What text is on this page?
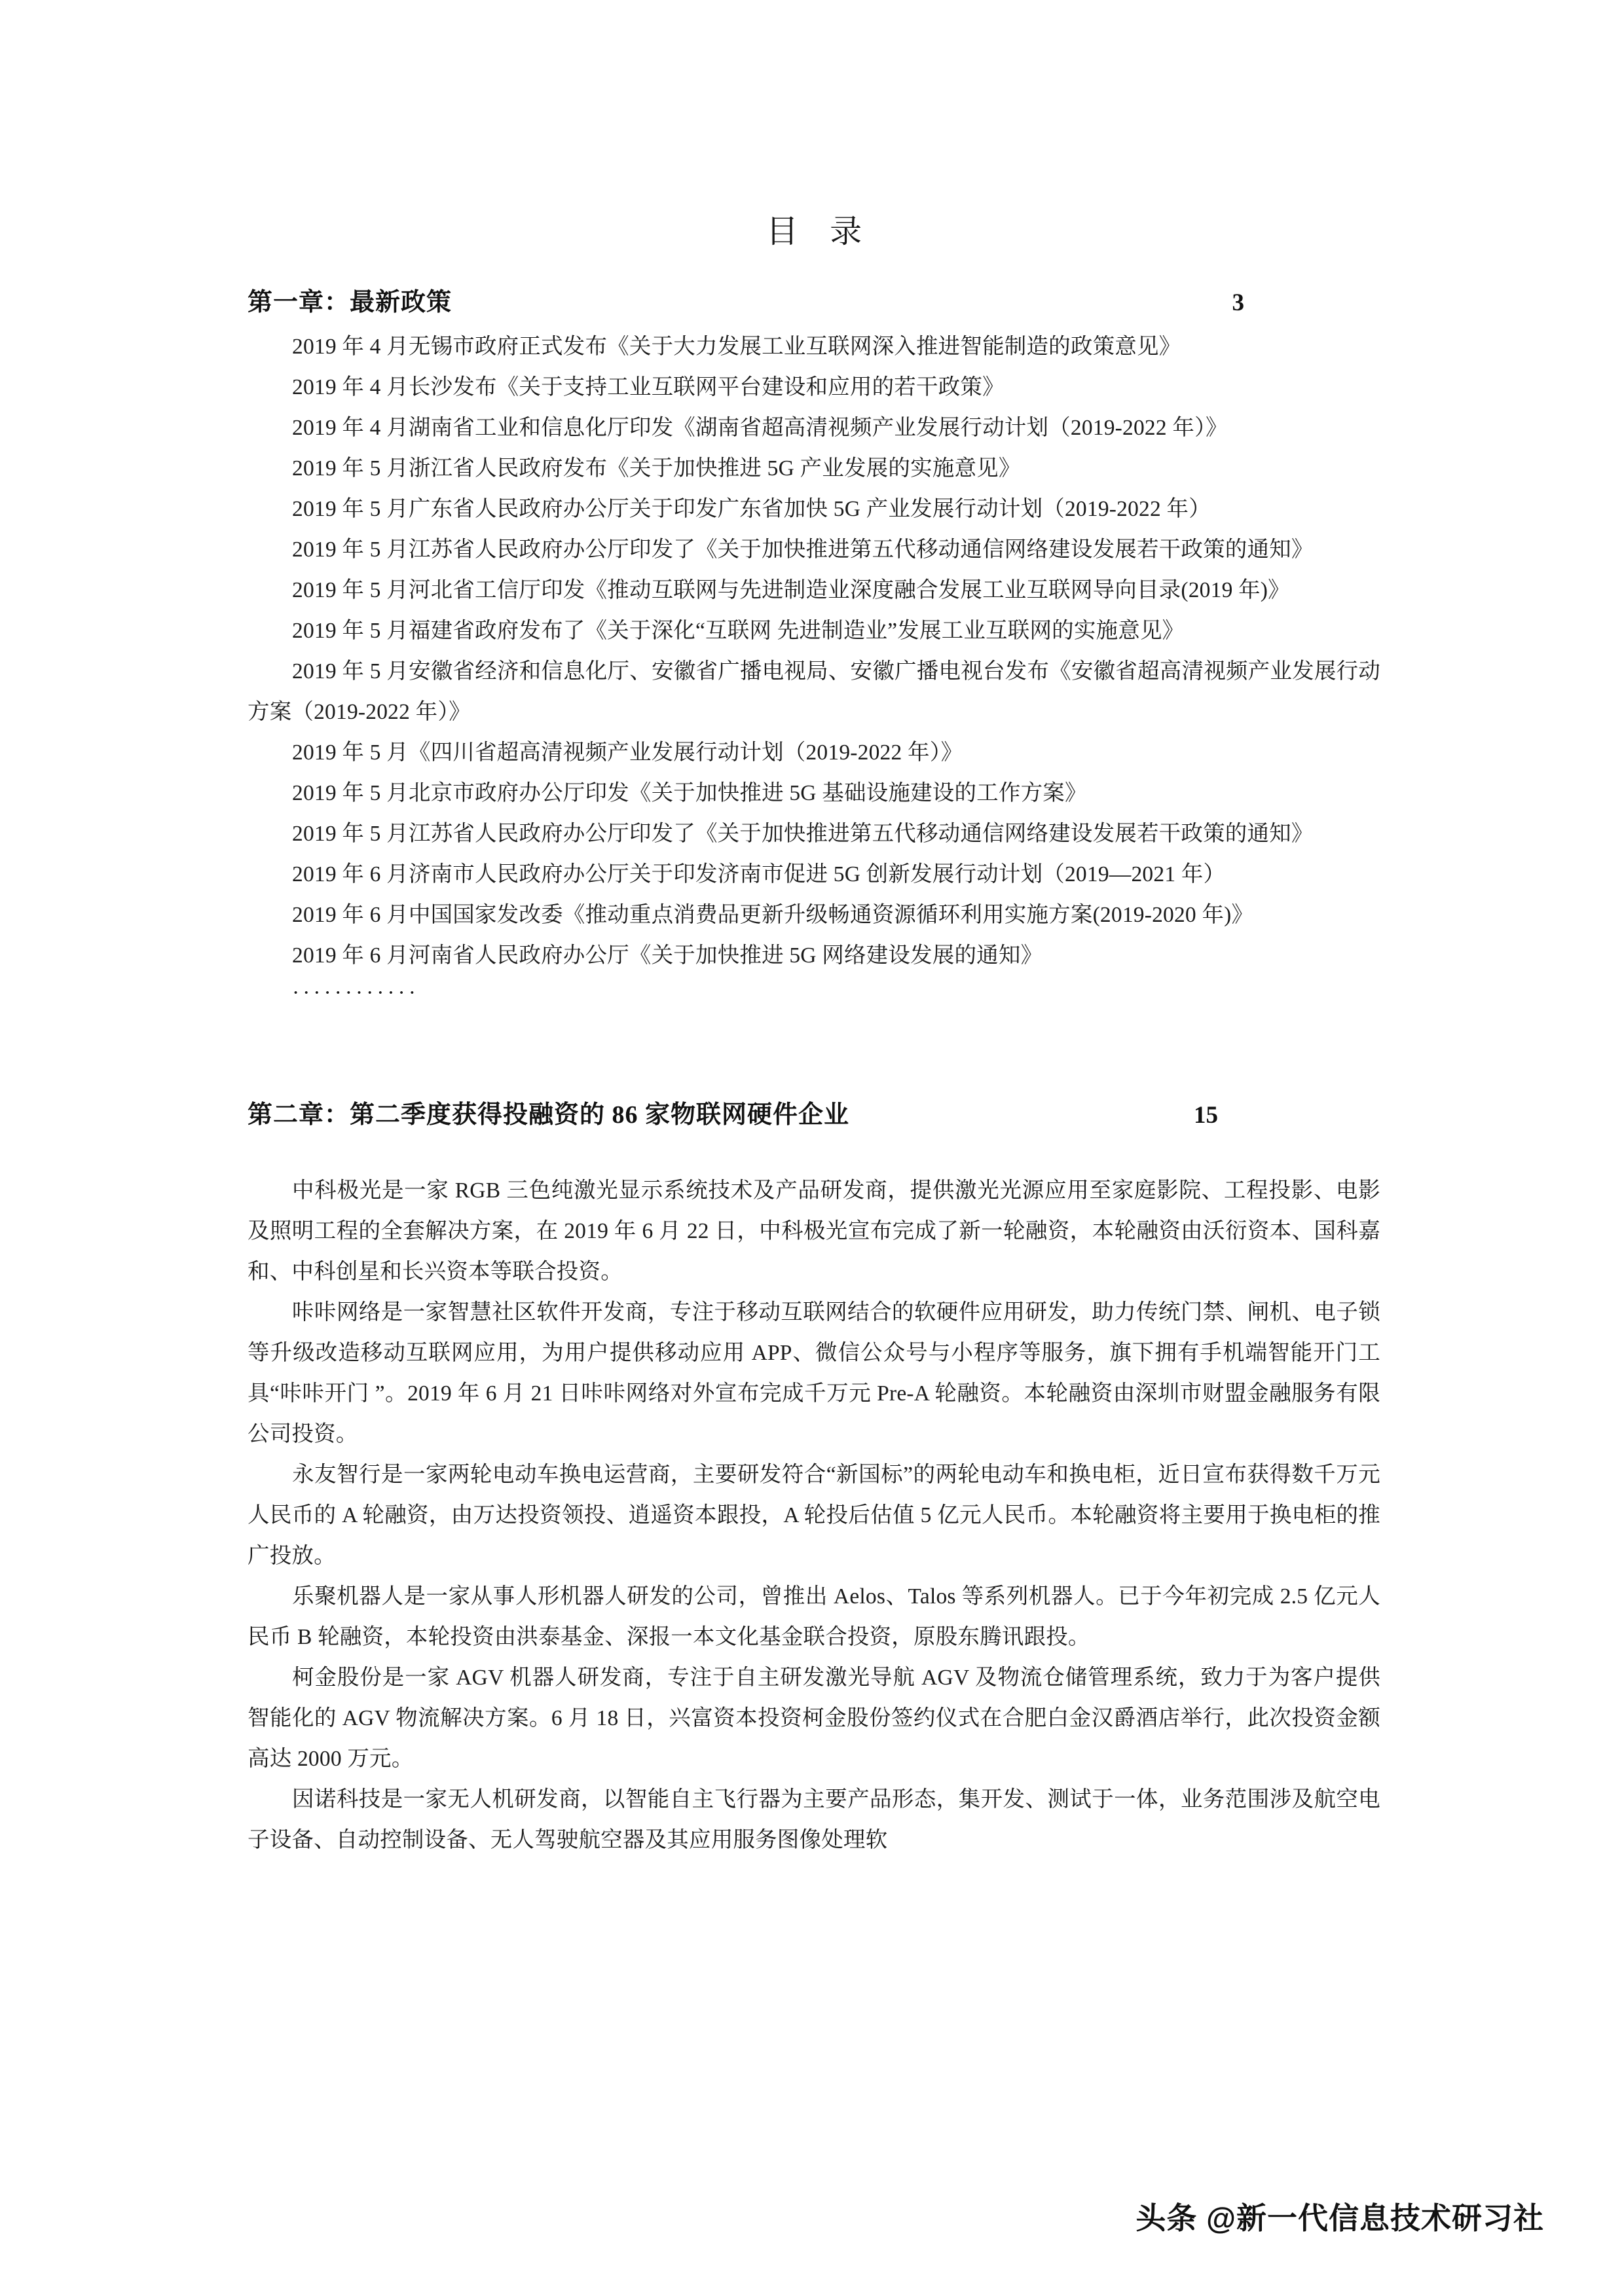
目 录
第一章：最新政策	3
2019 年 4 月无锡市政府正式发布《关于大力发展工业互联网深入推进智能制造的政策意见》
2019 年 4 月长沙发布《关于支持工业互联网平台建设和应用的若干政策》
2019 年 4 月湖南省工业和信息化厅印发《湖南省超高清视频产业发展行动计划（2019-2022 年）》
2019 年 5 月浙江省人民政府发布《关于加快推进 5G 产业发展的实施意见》
2019 年 5 月广东省人民政府办公厅关于印发广东省加快 5G 产业发展行动计划（2019-2022 年）
2019 年 5 月江苏省人民政府办公厅印发了《关于加快推进第五代移动通信网络建设发展若干政策的通知》
2019 年 5 月河北省工信厅印发《推动互联网与先进制造业深度融合发展工业互联网导向目录(2019 年)》
2019 年 5 月福建省政府发布了《关于深化“互联网 先进制造业”发展工业互联网的实施意见》
2019 年 5 月安徽省经济和信息化厅、安徽省广播电视局、安徽广播电视台发布《安徽省超高清视频产业发展行动方案（2019-2022 年）》
2019 年 5 月《四川省超高清视频产业发展行动计划（2019-2022 年）》
2019 年 5 月北京市政府办公厅印发《关于加快推进 5G 基础设施建设的工作方案》
2019 年 5 月江苏省人民政府办公厅印发了《关于加快推进第五代移动通信网络建设发展若干政策的通知》
2019 年 6 月济南市人民政府办公厅关于印发济南市促进 5G 创新发展行动计划（2019—2021 年）
2019 年 6 月中国国家发改委《推动重点消费品更新升级畅通资源循环利用实施方案(2019-2020 年)》
2019 年 6 月河南省人民政府办公厅《关于加快推进 5G 网络建设发展的通知》
············
第二章：第二季度获得投融资的 86 家物联网硬件企业	15

中科极光是一家 RGB 三色纯激光显示系统技术及产品研发商，提供激光光源应用至家庭影院、工程投影、电影及照明工程的全套解决方案，在 2019 年 6 月 22 日，中科极光宣布完成了新一轮融资，本轮融资由沃衍资本、国科嘉和、中科创星和长兴资本等联合投资。

咔咔网络是一家智慧社区软件开发商，专注于移动互联网结合的软硬件应用研发，助力传统门禁、闸机、电子锁等升级改造移动互联网应用，为用户提供移动应用 APP、微信公众号与小程序等服务，旗下拥有手机端智能开门工具“咔咔开门 ”。2019 年 6 月 21 日咔咔网络对外宣布完成千万元 Pre-A 轮融资。本轮融资由深圳市财盟金融服务有限公司投资。

永友智行是一家两轮电动车换电运营商，主要研发符合“新国标”的两轮电动车和换电柜，近日宣布获得数千万元人民币的 A 轮融资，由万达投资领投、逍遥资本跟投，A 轮投后估值 5 亿元人民币。本轮融资将主要用于换电柜的推广投放。

乐聚机器人是一家从事人形机器人研发的公司，曾推出 Aelos、Talos 等系列机器人。已于今年初完成 2.5 亿元人民币 B 轮融资，本轮投资由洪泰基金、深报一本文化基金联合投资，原股东腾讯跟投。

柯金股份是一家 AGV 机器人研发商，专注于自主研发激光导航 AGV 及物流仓储管理系统，致力于为客户提供智能化的 AGV 物流解决方案。6 月 18 日，兴富资本投资柯金股份签约仪式在合肥白金汉爵酒店举行，此次投资金额高达 2000 万元。

因诺科技是一家无人机研发商，以智能自主飞行器为主要产品形态，集开发、测试于一体，业务范围涉及航空电子设备、自动控制设备、无人驾驶航空器及其应用服务图像处理软

头条 @新一代信息技术研习社
